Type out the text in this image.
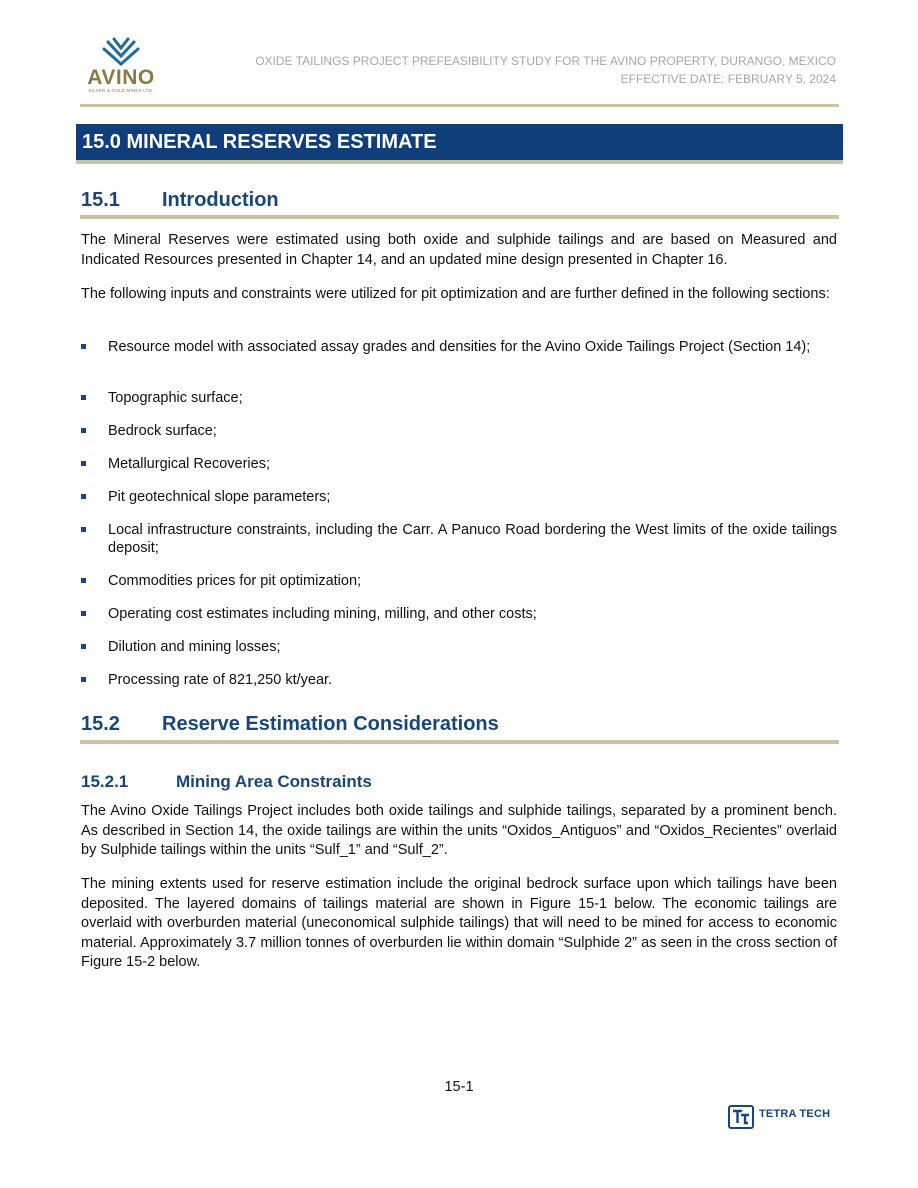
AVINO
SILVER & GOLD MINES LTD.
OXIDE TAILINGS PROJECT PREFEASIBILITY STUDY FOR THE AVINO PROPERTY, DURANGO, MEXICO
EFFECTIVE DATE: FEBRUARY 5, 2024
15.0 MINERAL RESERVES ESTIMATE
15.1 Introduction
The Mineral Reserves were estimated using both oxide and sulphide tailings and are based on Measured and Indicated Resources presented in Chapter 14, and an updated mine design presented in Chapter 16.
The following inputs and constraints were utilized for pit optimization and are further defined in the following sections:
Resource model with associated assay grades and densities for the Avino Oxide Tailings Project (Section 14);
Topographic surface;
Bedrock surface;
Metallurgical Recoveries;
Pit geotechnical slope parameters;
Local infrastructure constraints, including the Carr. A Panuco Road bordering the West limits of the oxide tailings deposit;
Commodities prices for pit optimization;
Operating cost estimates including mining, milling, and other costs;
Dilution and mining losses;
Processing rate of 821,250 kt/year.
15.2 Reserve Estimation Considerations
15.2.1	Mining Area Constraints
The Avino Oxide Tailings Project includes both oxide tailings and sulphide tailings, separated by a prominent bench. As described in Section 14, the oxide tailings are within the units “Oxidos_Antiguos” and “Oxidos_Recientes” overlaid by Sulphide tailings within the units “Sulf_1” and “Sulf_2”.
The mining extents used for reserve estimation include the original bedrock surface upon which tailings have been deposited. The layered domains of tailings material are shown in Figure 15-1 below. The economic tailings are overlaid with overburden material (uneconomical sulphide tailings) that will need to be mined for access to economic material. Approximately 3.7 million tonnes of overburden lie within domain “Sulphide 2” as seen in the cross section of Figure 15-2 below.
15-1
TETRA TECH
